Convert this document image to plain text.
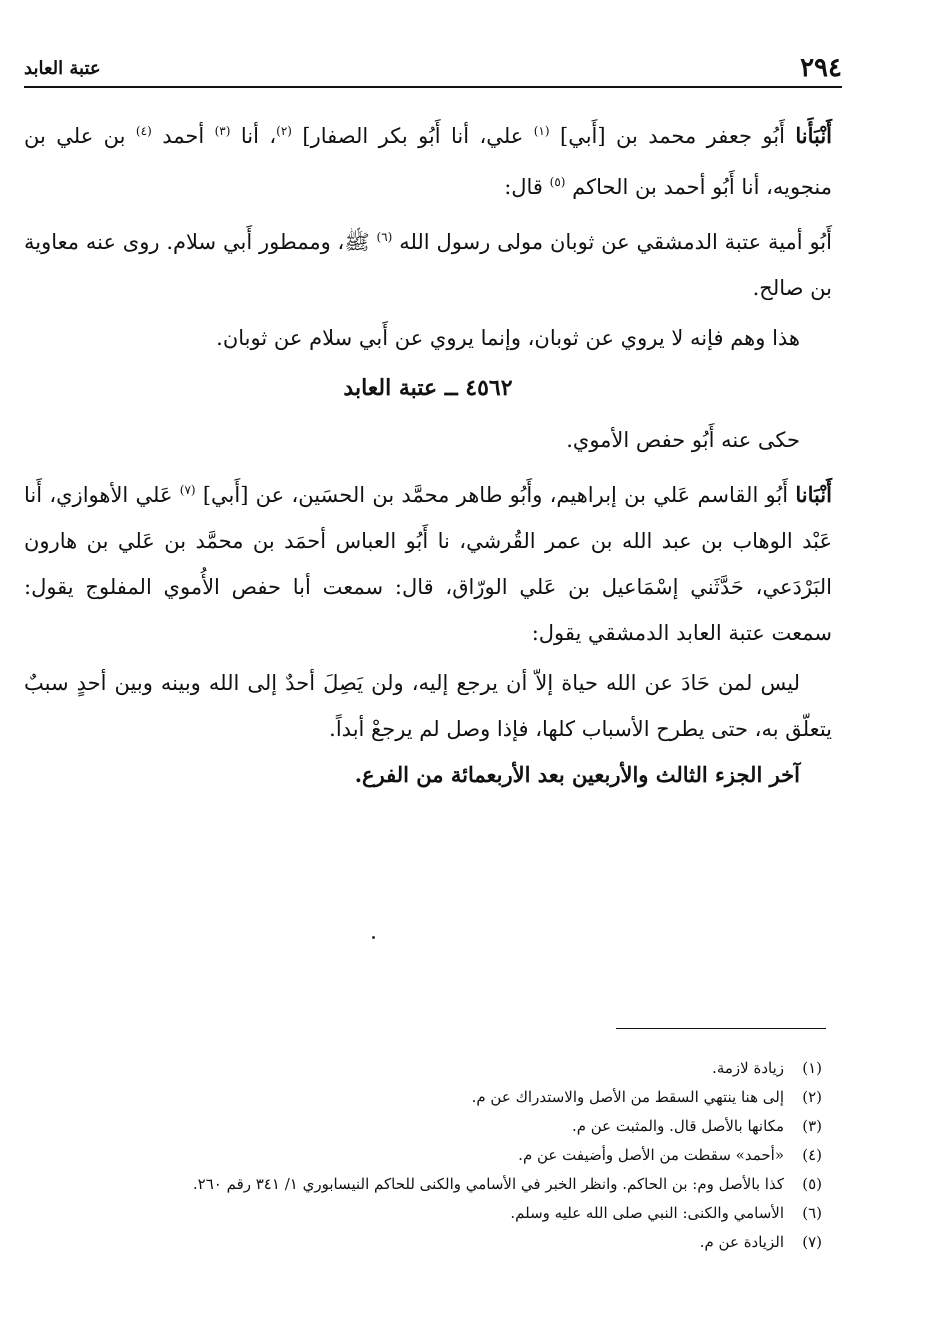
٢٩٤
عتبة العابد

أَنْبَأَنا أَبُو جعفر محمد بن [أَبي] $^{(١)}$ علي، أنا أَبُو بكر الصفار] $^{(٢)}$، أنا $^{(٣)}$ أحمد $^{(٤)}$ بن علي بن منجويه، أنا أَبُو أحمد بن الحاكم $^{(٥)}$ قال:

أَبُو أمية عتبة الدمشقي عن ثوبان مولى رسول الله $^{(٦)}$ ﷺ، وممطور أَبي سلام. روى عنه معاوية بن صالح.

هذا وهم فإنه لا يروي عن ثوبان، وإنما يروي عن أَبي سلام عن ثوبان.

٤٥٦٢ ــ عتبة العابد

حكى عنه أَبُو حفص الأموي.

أَنْبَانا أَبُو القاسم عَلي بن إبراهيم، وأَبُو طاهر محمَّد بن الحسَين، عن [أَبي] $^{(٧)}$ عَلي الأهوازي، أَنا عَبْد الوهاب بن عبد الله بن عمر القُرشي، نا أَبُو العباس أحمَد بن محمَّد بن عَلي بن هارون البَرْدَعي، حَدَّثَني إسْمَاعيل بن عَلي الورّاق، قال: سمعت أبا حفص الأُموي المفلوج يقول: سمعت عتبة العابد الدمشقي يقول:

ليس لمن حَادَ عن الله حياة إلاّ أن يرجع إليه، ولن يَصِلَ أحدٌ إلى الله وبينه وبين أحدٍ سببٌ يتعلّق به، حتى يطرح الأسباب كلها، فإذا وصل لم يرجعْ أبداً.

آخر الجزء الثالث والأربعين بعد الأربعمائة من الفرع.

(١)
زيادة لازمة.
(٢)
إلى هنا ينتهي السقط من الأصل والاستدراك عن م.
(٣)
مكانها بالأصل قال. والمثبت عن م.
(٤)
«أحمد» سقطت من الأصل وأضيفت عن م.
(٥)
كذا بالأصل وم: بن الحاكم. وانظر الخبر في الأسامي والكنى للحاكم النيسابوري ١/ ٣٤١ رقم ٢٦٠.
(٦)
الأسامي والكنى: النبي صلى الله عليه وسلم.
(٧)
الزيادة عن م.
